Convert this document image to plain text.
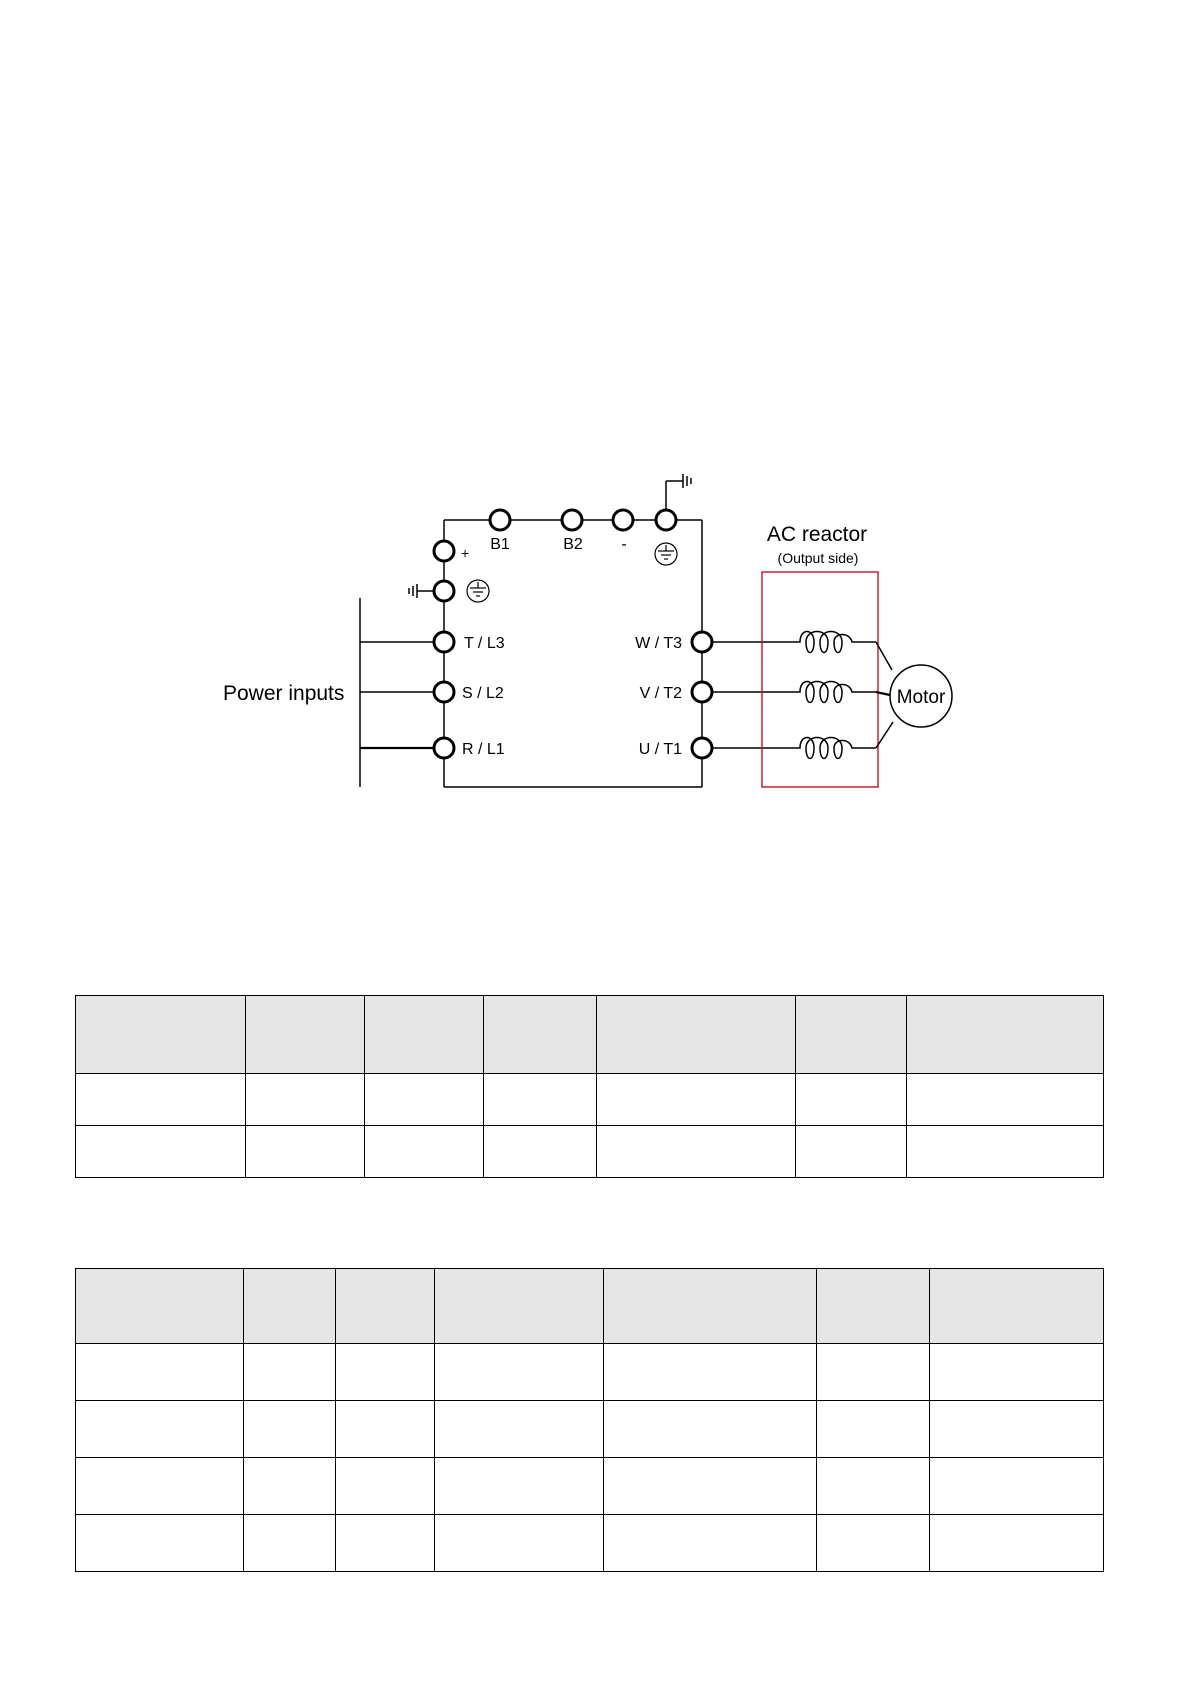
B1	B2 -
+
Power inputs
T / L3
S / L2
R / L1
W / T3
V / T2
U / T1
AC reactor
(Output side)
Motor
